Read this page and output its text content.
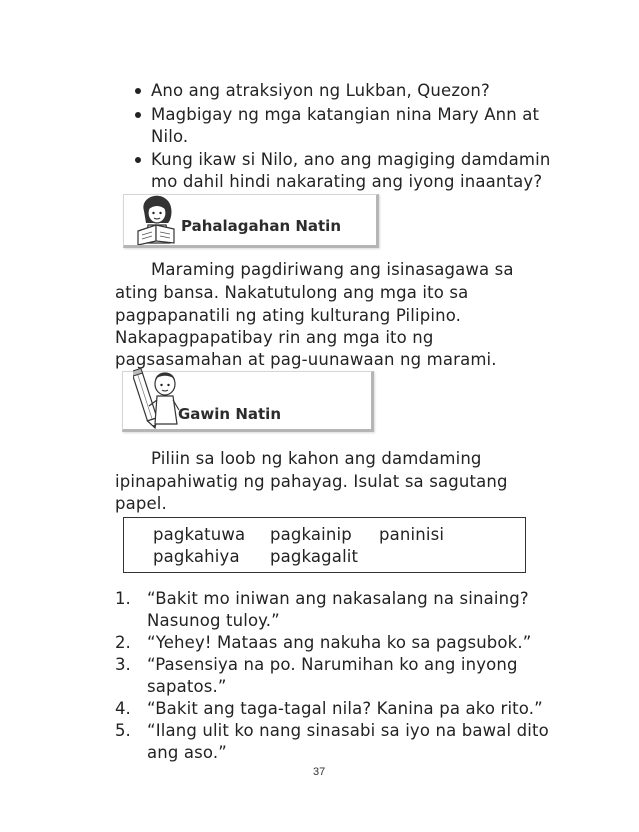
Ano ang atraksiyon ng Lukban, Quezon?
Magbigay ng mga katangian nina Mary Ann at
Nilo.
Kung ikaw si Nilo, ano ang magiging damdamin
mo dahil hindi nakarating ang iyong inaantay?
Pahalagahan Natin
Maraming pagdiriwang ang isinasagawa sa
ating bansa. Nakatutulong ang mga ito sa
pagpapanatili ng ating kulturang Pilipino.
Nakapagpapatibay rin ang mga ito ng
pagsasamahan at pag-uunawaan ng marami.
Gawin Natin
Piliin sa loob ng kahon ang damdaming
ipinapahiwatig ng pahayag. Isulat sa sagutang
papel.
pagkatuwa pagkainip paninisi
pagkahiya pagkagalit
1. “Bakit mo iniwan ang nakasalang na sinaing?
Nasunog tuloy.”
2. “Yehey! Mataas ang nakuha ko sa pagsubok.”
3. “Pasensiya na po. Narumihan ko ang inyong
sapatos.”
4. “Bakit ang taga-tagal nila? Kanina pa ako rito.”
5. “Ilang ulit ko nang sinasabi sa iyo na bawal dito
ang aso.”
37
